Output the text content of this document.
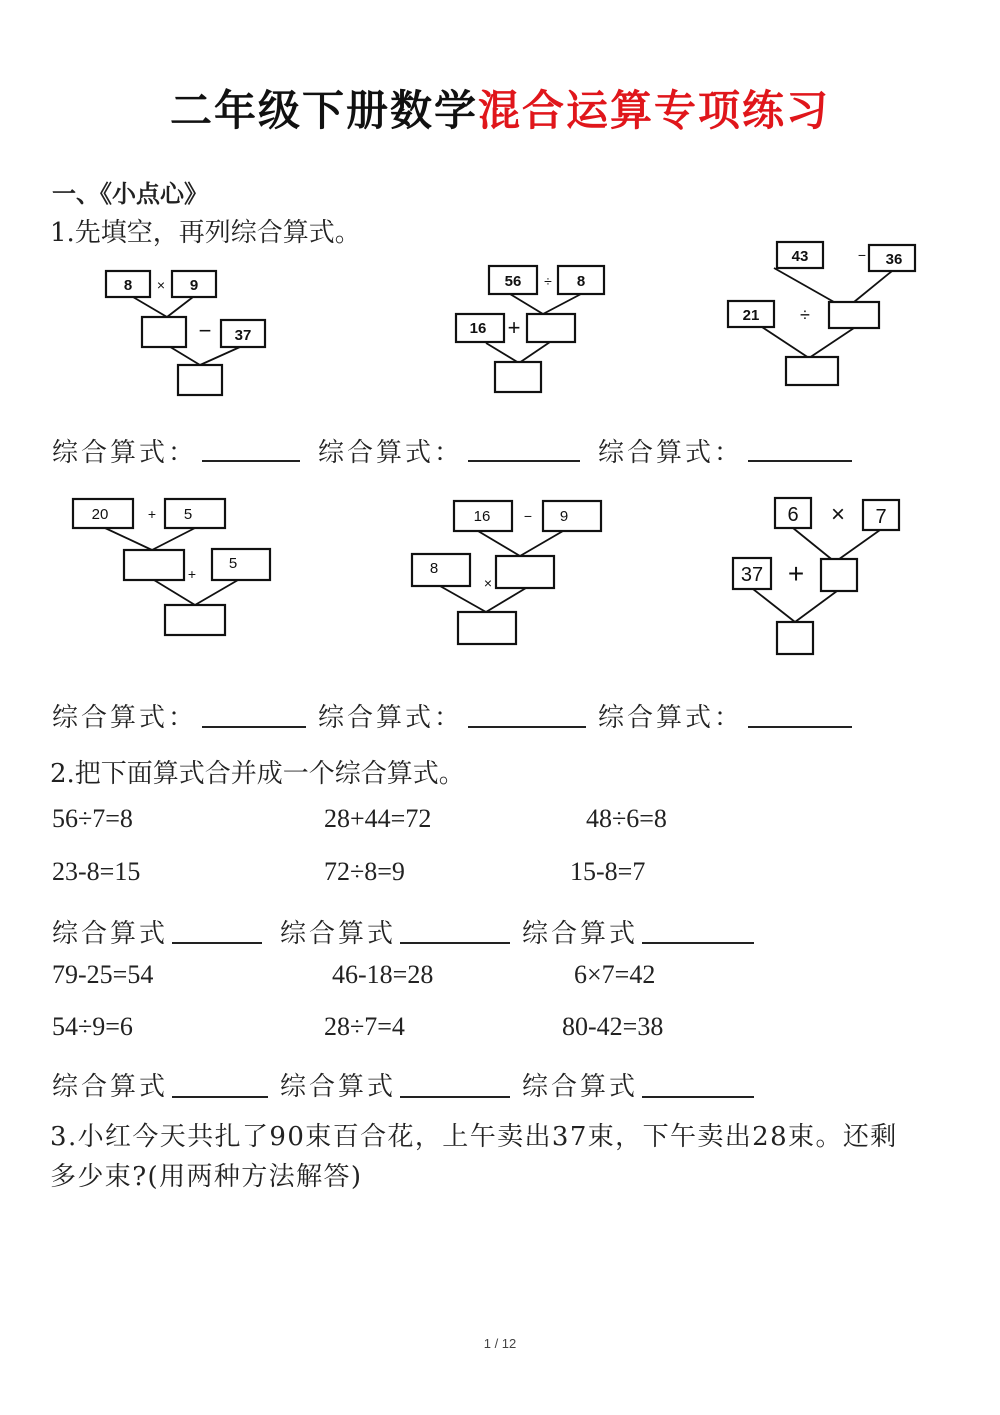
二年级下册数学混合运算专项练习
一、《小点心》
1.先填空，再列综合算式。
8 × 9
− 37
56 ÷ 8
16 +
43	− 36
21 ÷
综合算式：	综合算式：	综合算式：
20	+ 5
+
5
16 − 9
8
×
6 × 7
37 +
综合算式：	综合算式：	综合算式：
2.把下面算式合并成一个综合算式。
56÷7=8	28+44=72	48÷6=8
23-8=15	72÷8=9	15-8=7
综合算式	综合算式	综合算式
79-25=54	46-18=28	6×7=42
54÷9=6	28÷7=4	80-42=38
综合算式	综合算式	综合算式
3.小红今天共扎了90束百合花，上午卖出37束，下午卖出28束。还剩
多少束?(用两种方法解答)
1 / 12
